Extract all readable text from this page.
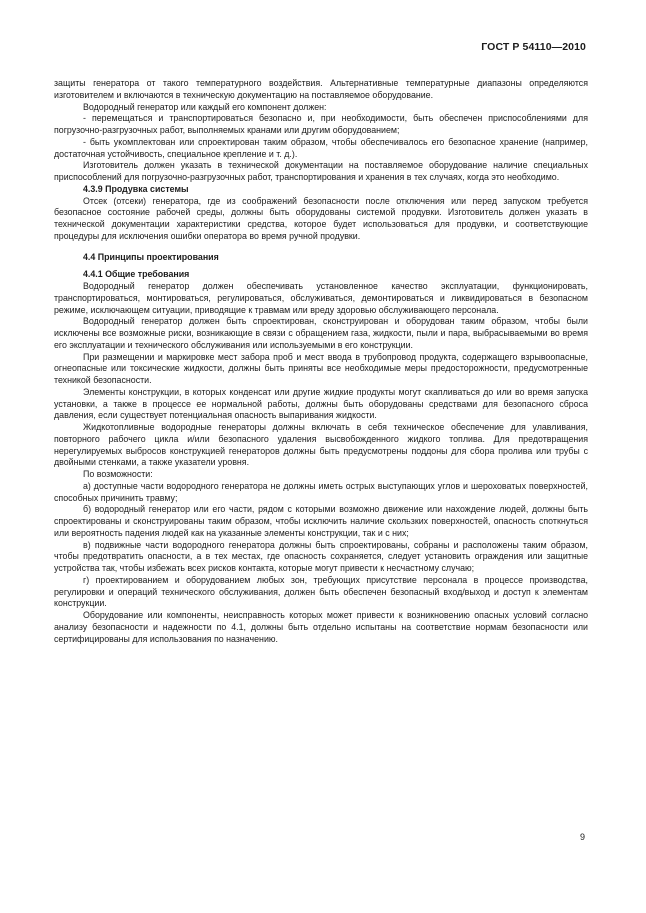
ГОСТ Р 54110—2010

защиты генератора от такого температурного воздействия. Альтернативные температурные диапазоны определяются изготовителем и включаются в техническую документацию на поставляемое оборудование.

Водородный генератор или каждый его компонент должен:

- перемещаться и транспортироваться безопасно и, при необходимости, быть обеспечен приспособлениями для погрузочно-разгрузочных работ, выполняемых кранами или другим оборудованием;

- быть укомплектован или спроектирован таким образом, чтобы обеспечивалось его безопасное хранение (например, достаточная устойчивость, специальное крепление и т. д.).

Изготовитель должен указать в технической документации на поставляемое оборудование наличие специальных приспособлений для погрузочно-разгрузочных работ, транспортирования и хранения в тех случаях, когда это необходимо.

4.3.9 Продувка системы

Отсек (отсеки) генератора, где из соображений безопасности после отключения или перед запуском требуется безопасное состояние рабочей среды, должны быть оборудованы системой продувки. Изготовитель должен указать в технической документации характеристики средства, которое будет использоваться для продувки, и соответствующие процедуры для исключения ошибки оператора во время ручной продувки.

4.4 Принципы проектирования

4.4.1 Общие требования

Водородный генератор должен обеспечивать установленное качество эксплуатации, функционировать, транспортироваться, монтироваться, регулироваться, обслуживаться, демонтироваться и ликвидироваться в безопасном режиме, исключающем ситуации, приводящие к травмам или вреду здоровью обслуживающего персонала.

Водородный генератор должен быть спроектирован, сконструирован и оборудован таким образом, чтобы были исключены все возможные риски, возникающие в связи с обращением газа, жидкости, пыли и пара, выбрасываемыми во время его эксплуатации и технического обслуживания или используемыми в его конструкции.

При размещении и маркировке мест забора проб и мест ввода в трубопровод продукта, содержащего взрывоопасные, огнеопасные или токсические жидкости, должны быть приняты все необходимые меры предосторожности, предусмотренные техникой безопасности.

Элементы конструкции, в которых конденсат или другие жидкие продукты могут скапливаться до или во время запуска установки, а также в процессе ее нормальной работы, должны быть оборудованы средствами для безопасного сброса давления, если существует потенциальная опасность выпаривания жидкости.

Жидкотопливные водородные генераторы должны включать в себя техническое обеспечение для улавливания, повторного рабочего цикла и/или безопасного удаления высвобожденного жидкого топлива. Для предотвращения нерегулируемых выбросов конструкцией генераторов должны быть предусмотрены поддоны для сбора пролива или трубы с двойными стенками, а также указатели уровня.

По возможности:

а) доступные части водородного генератора не должны иметь острых выступающих углов и шероховатых поверхностей, способных причинить травму;

б) водородный генератор или его части, рядом с которыми возможно движение или нахождение людей, должны быть спроектированы и сконструированы таким образом, чтобы исключить наличие скользких поверхностей, опасность споткнуться или вероятность падения людей как на указанные элементы конструкции, так и с них;

в) подвижные части водородного генератора должны быть спроектированы, собраны и расположены таким образом, чтобы предотвратить опасности, а в тех местах, где опасность сохраняется, следует установить ограждения или защитные устройства так, чтобы избежать всех рисков контакта, которые могут привести к несчастному случаю;

г) проектированием и оборудованием любых зон, требующих присутствие персонала в процессе производства, регулировки и операций технического обслуживания, должен быть обеспечен безопасный вход/выход и доступ к элементам конструкции.

Оборудование или компоненты, неисправность которых может привести к возникновению опасных условий согласно анализу безопасности и надежности по 4.1, должны быть отдельно испытаны на соответствие нормам безопасности или сертифицированы для использования по назначению.

9
